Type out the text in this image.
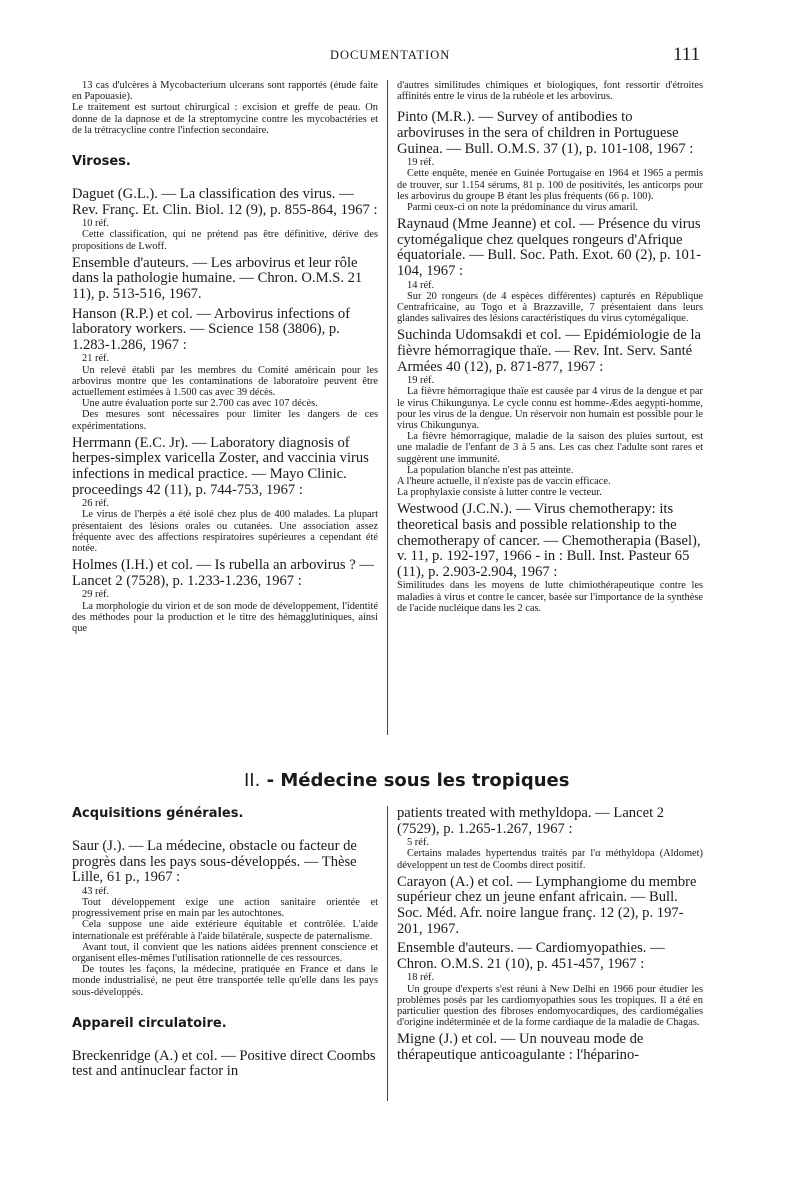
DOCUMENTATION	111

13 cas d'ulcères à Mycobacterium ulcerans sont rapportés (étude faite en Papouasie).

Le traitement est surtout chirurgical : excision et greffe de peau. On donne de la dapnose et de la streptomycine contre les mycobactéries et de la trétracycline contre l'infection secondaire.

Viroses.

Daguet (G.L.). — La classification des virus. — Rev. Franç. Et. Clin. Biol. 12 (9), p. 855-864, 1967 :

10 réf.

Cette classification, qui ne prétend pas être définitive, dérive des propositions de Lwoff.

Ensemble d'auteurs. — Les arbovirus et leur rôle dans la pathologie humaine. — Chron. O.M.S. 21 11), p. 513-516, 1967.

Hanson (R.P.) et col. — Arbovirus infections of laboratory workers. — Science 158 (3806), p. 1.283-1.286, 1967 :

21 réf.

Un relevé établi par les membres du Comité américain pour les arbovirus montre que les contaminations de laboratoire peuvent être actuellement estimées à 1.500 cas avec 39 décès.

Une autre évaluation porte sur 2.700 cas avec 107 décès.

Des mesures sont nécessaires pour limiter les dangers de ces expérimentations.

Herrmann (E.C. Jr). — Laboratory diagnosis of herpes-simplex varicella Zoster, and vaccinia virus infections in medical practice. — Mayo Clinic. proceedings 42 (11), p. 744-753, 1967 :

26 réf.

Le virus de l'herpès a été isolé chez plus de 400 malades. La plupart présentaient des lésions orales ou cutanées. Une association assez fréquente avec des affections respiratoires supérieures a cependant été notée.

Holmes (I.H.) et col. — Is rubella an arbovirus ? — Lancet 2 (7528), p. 1.233-1.236, 1967 :

29 réf.

La morphologie du virion et de son mode de développement, l'identité des méthodes pour la production et le titre des hémagglutiniques, ainsi que

d'autres similitudes chimiques et biologiques, font ressortir d'étroites affinités entre le virus de la rubéole et les arbovirus.

Pinto (M.R.). — Survey of antibodies to arboviruses in the sera of children in Portuguese Guinea. — Bull. O.M.S. 37 (1), p. 101-108, 1967 :

19 réf.

Cette enquête, menée en Guinée Portugaise en 1964 et 1965 a permis de trouver, sur 1.154 sérums, 81 p. 100 de positivités, les anticorps pour les arbovirus du groupe B étant les plus fréquents (66 p. 100).

Parmi ceux-ci on note la prédominance du virus amaril.

Raynaud (Mme Jeanne) et col. — Présence du virus cytomégalique chez quelques rongeurs d'Afrique équatoriale. — Bull. Soc. Path. Exot. 60 (2), p. 101-104, 1967 :

14 réf.

Sur 20 rongeurs (de 4 espèces différentes) capturés en République Centrafricaine, au Togo et à Brazzaville, 7 présentaient dans leurs glandes salivaires des lésions caractéristiques du virus cytomégalique.

Suchinda Udomsakdi et col. — Epidémiologie de la fièvre hémorragique thaïe. — Rev. Int. Serv. Santé Armées 40 (12), p. 871-877, 1967 :

19 réf.

La fièvre hémorragique thaïe est causée par 4 virus de la dengue et par le virus Chikungunya. Le cycle connu est homme-Ædes aegypti-homme, pour les virus de la dengue. Un réservoir non humain est possible pour le virus Chikungunya.

La fièvre hémorragique, maladie de la saison des pluies surtout, est une maladie de l'enfant de 3 à 5 ans. Les cas chez l'adulte sont rares et suggèrent une immunité.

La population blanche n'est pas atteinte.

A l'heure actuelle, il n'existe pas de vaccin efficace.

La prophylaxie consiste à lutter contre le vecteur.

Westwood (J.C.N.). — Virus chemotherapy: its theoretical basis and possible relationship to the chemotherapy of cancer. — Chemotherapia (Basel), v. 11, p. 192-197, 1966 - in : Bull. Inst. Pasteur 65 (11), p. 2.903-2.904, 1967 :

Similitudes dans les moyens de lutte chimiothérapeutique contre les maladies à virus et contre le cancer, basée sur l'importance de la synthèse de l'acide nucléique dans les 2 cas.

II. - Médecine sous les tropiques

Acquisitions générales.

Saur (J.). — La médecine, obstacle ou facteur de progrès dans les pays sous-développés. — Thèse Lille, 61 p., 1967 :

43 réf.

Tout développement exige une action sanitaire orientée et progressivement prise en main par les autochtones.

Cela suppose une aide extérieure équitable et contrôlée. L'aide internationale est préférable à l'aide bilatérale, suspecte de paternalisme.

Avant tout, il convient que les nations aidées prennent conscience et organisent elles-mêmes l'utilisation rationnelle de ces ressources.

De toutes les façons, la médecine, pratiquée en France et dans le monde industrialisé, ne peut être transportée telle qu'elle dans les pays sous-développés.

Appareil circulatoire.

Breckenridge (A.) et col. — Positive direct Coombs test and antinuclear factor in

patients treated with methyldopa. — Lancet 2 (7529), p. 1.265-1.267, 1967 :

5 réf.

Certains malades hypertendus traités par l'α méthyldopa (Aldomet) développent un test de Coombs direct positif.

Carayon (A.) et col. — Lymphangiome du membre supérieur chez un jeune enfant africain. — Bull. Soc. Méd. Afr. noire langue franç. 12 (2), p. 197-201, 1967.

Ensemble d'auteurs. — Cardiomyopathies. — Chron. O.M.S. 21 (10), p. 451-457, 1967 :

18 réf.

Un groupe d'experts s'est réuni à New Delhi en 1966 pour étudier les problèmes posés par les cardiomyopathies sous les tropiques. Il a été en particulier question des fibroses endomyocardiques, des cardiomégalies d'origine indéterminée et de la forme cardiaque de la maladie de Chagas.

Migne (J.) et col. — Un nouveau mode de thérapeutique anticoagulante : l'héparino-
